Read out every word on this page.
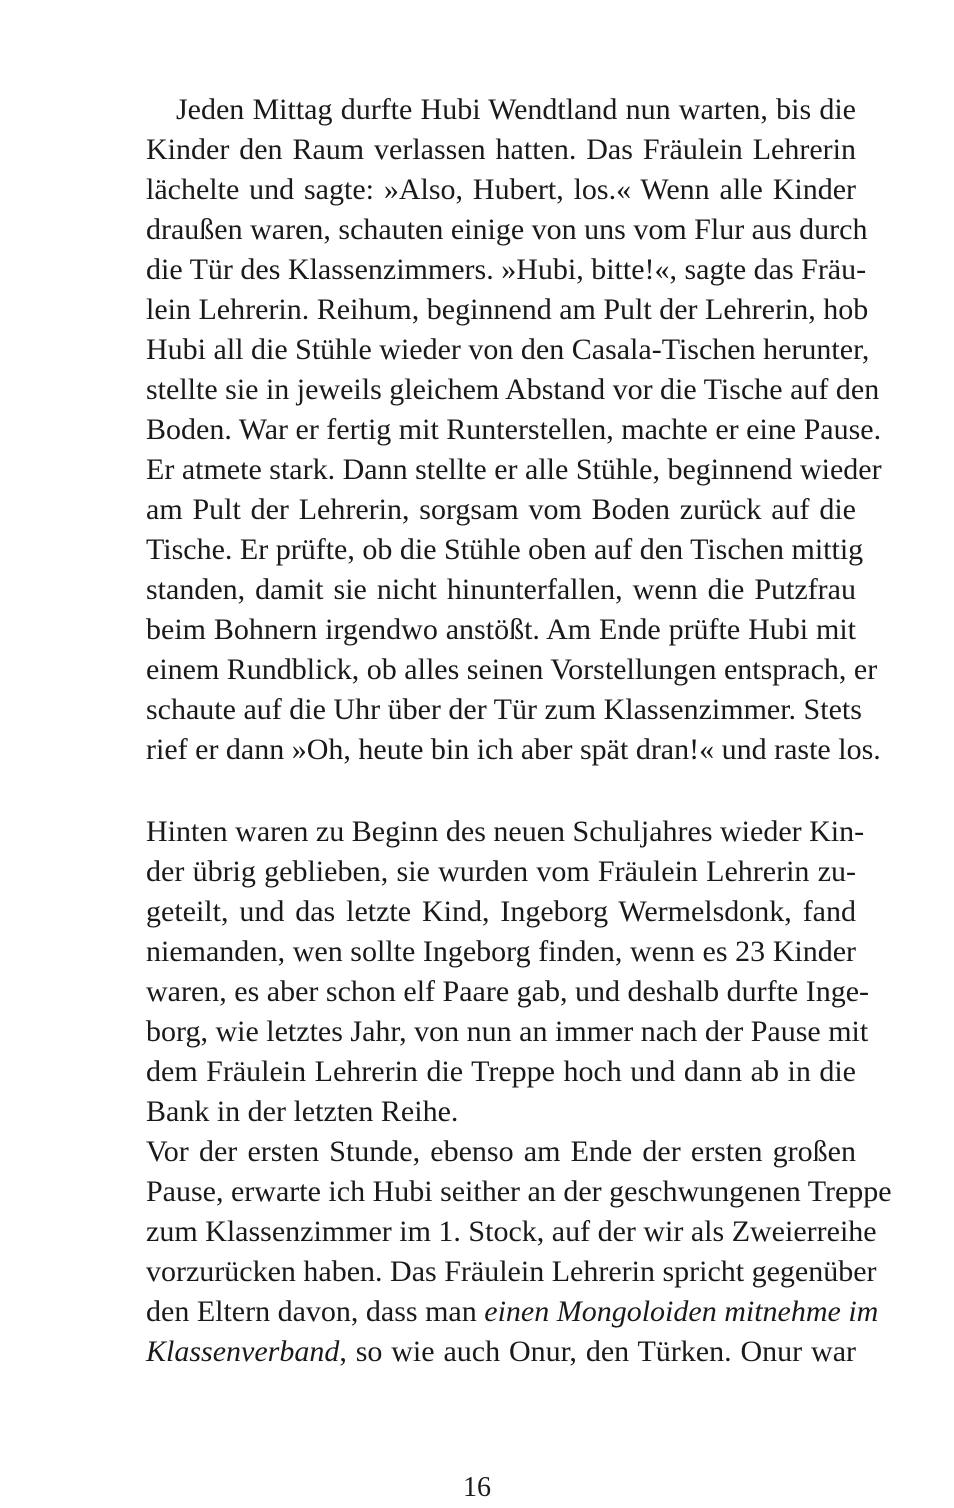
Jeden Mittag durfte Hubi Wendtland nun warten, bis die
Kinder den Raum verlassen hatten. Das Fräulein Lehrerin
lächelte und sagte: »Also, Hubert, los.« Wenn alle Kinder
draußen waren, schauten einige von uns vom Flur aus durch
die Tür des Klassenzimmers. »Hubi, bitte!«, sagte das Fräu-
lein Lehrerin. Reihum, beginnend am Pult der Lehrerin, hob
Hubi all die Stühle wieder von den Casala-Tischen herunter,
stellte sie in jeweils gleichem Abstand vor die Tische auf den
Boden. War er fertig mit Runterstellen, machte er eine Pause.
Er atmete stark. Dann stellte er alle Stühle, beginnend wieder
am Pult der Lehrerin, sorgsam vom Boden zurück auf die
Tische. Er prüfte, ob die Stühle oben auf den Tischen mittig
standen, damit sie nicht hinunterfallen, wenn die Putzfrau
beim Bohnern irgendwo anstößt. Am Ende prüfte Hubi mit
einem Rundblick, ob alles seinen Vorstellungen entsprach, er
schaute auf die Uhr über der Tür zum Klassenzimmer. Stets
rief er dann »Oh, heute bin ich aber spät dran!« und raste los.
Hinten waren zu Beginn des neuen Schuljahres wieder Kin-
der übrig geblieben, sie wurden vom Fräulein Lehrerin zu-
geteilt, und das letzte Kind, Ingeborg Wermelsdonk, fand
niemanden, wen sollte Ingeborg finden, wenn es 23 Kinder
waren, es aber schon elf Paare gab, und deshalb durfte Inge-
borg, wie letztes Jahr, von nun an immer nach der Pause mit
dem Fräulein Lehrerin die Treppe hoch und dann ab in die
Bank in der letzten Reihe.
Vor der ersten Stunde, ebenso am Ende der ersten großen
Pause, erwarte ich Hubi seither an der geschwungenen Treppe
zum Klassenzimmer im 1. Stock, auf der wir als Zweierreihe
vorzurücken haben. Das Fräulein Lehrerin spricht gegenüber
den Eltern davon, dass man einen Mongoloiden mitnehme im
Klassenverband, so wie auch Onur, den Türken. Onur war
16
